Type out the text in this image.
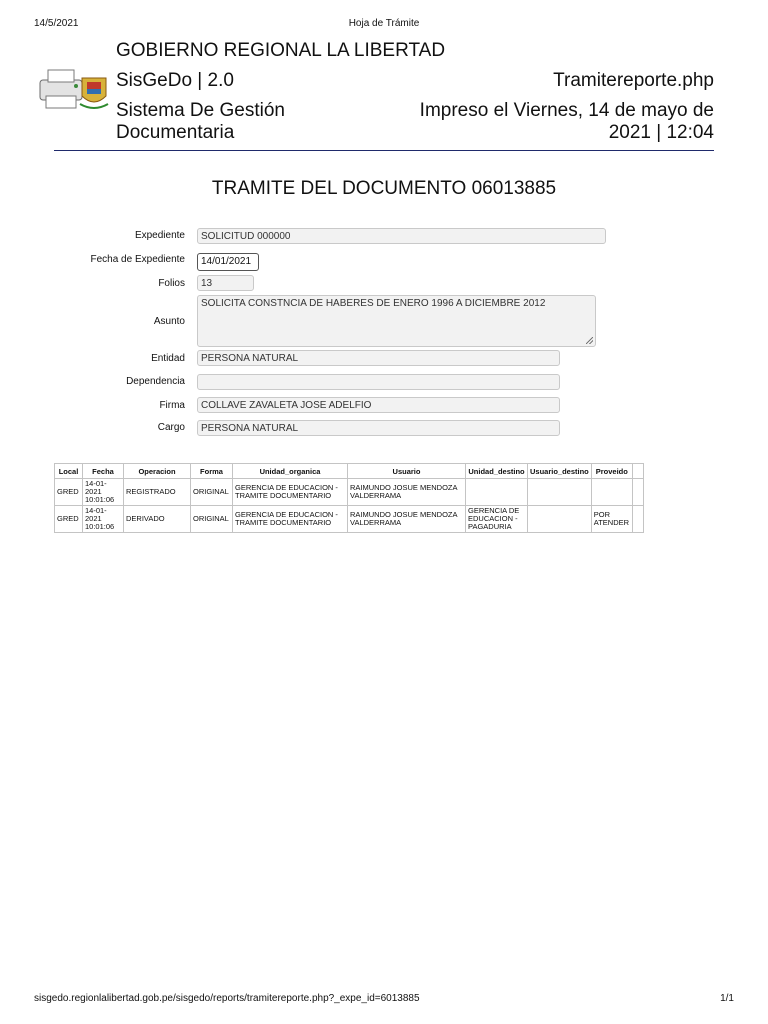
14/5/2021	Hoja de Trámite
GOBIERNO REGIONAL LA LIBERTAD
SisGeDo | 2.0
Sistema De Gestión Documentaria
Tramitereporte.php
Impreso el Viernes, 14 de mayo de 2021 | 12:04
TRAMITE DEL DOCUMENTO 06013885
Expediente	SOLICITUD 000000
Fecha de Expediente	14/01/2021
Folios	13
Asunto
SOLICITA CONSTNCIA DE HABERES DE ENERO 1996 A DICIEMBRE 2012
Entidad	PERSONA NATURAL
Dependencia
Firma	COLLAVE ZAVALETA JOSE ADELFIO
Cargo	PERSONA NATURAL
Local	Fecha	Operacion	Forma	Unidad_organica	Usuario	Unidad_destino	Usuario_destino	Proveido	
GRED	14-01-2021 10:01:06	REGISTRADO	ORIGINAL	GERENCIA DE EDUCACION - TRAMITE DOCUMENTARIO	RAIMUNDO JOSUE MENDOZA VALDERRAMA				
GRED	14-01-2021 10:01:06	DERIVADO	ORIGINAL	GERENCIA DE EDUCACION - TRAMITE DOCUMENTARIO	RAIMUNDO JOSUE MENDOZA VALDERRAMA	GERENCIA DE EDUCACION - PAGADURIA		POR ATENDER	
sisgedo.regionlalibertad.gob.pe/sisgedo/reports/tramitereporte.php?_expe_id=6013885	1/1
